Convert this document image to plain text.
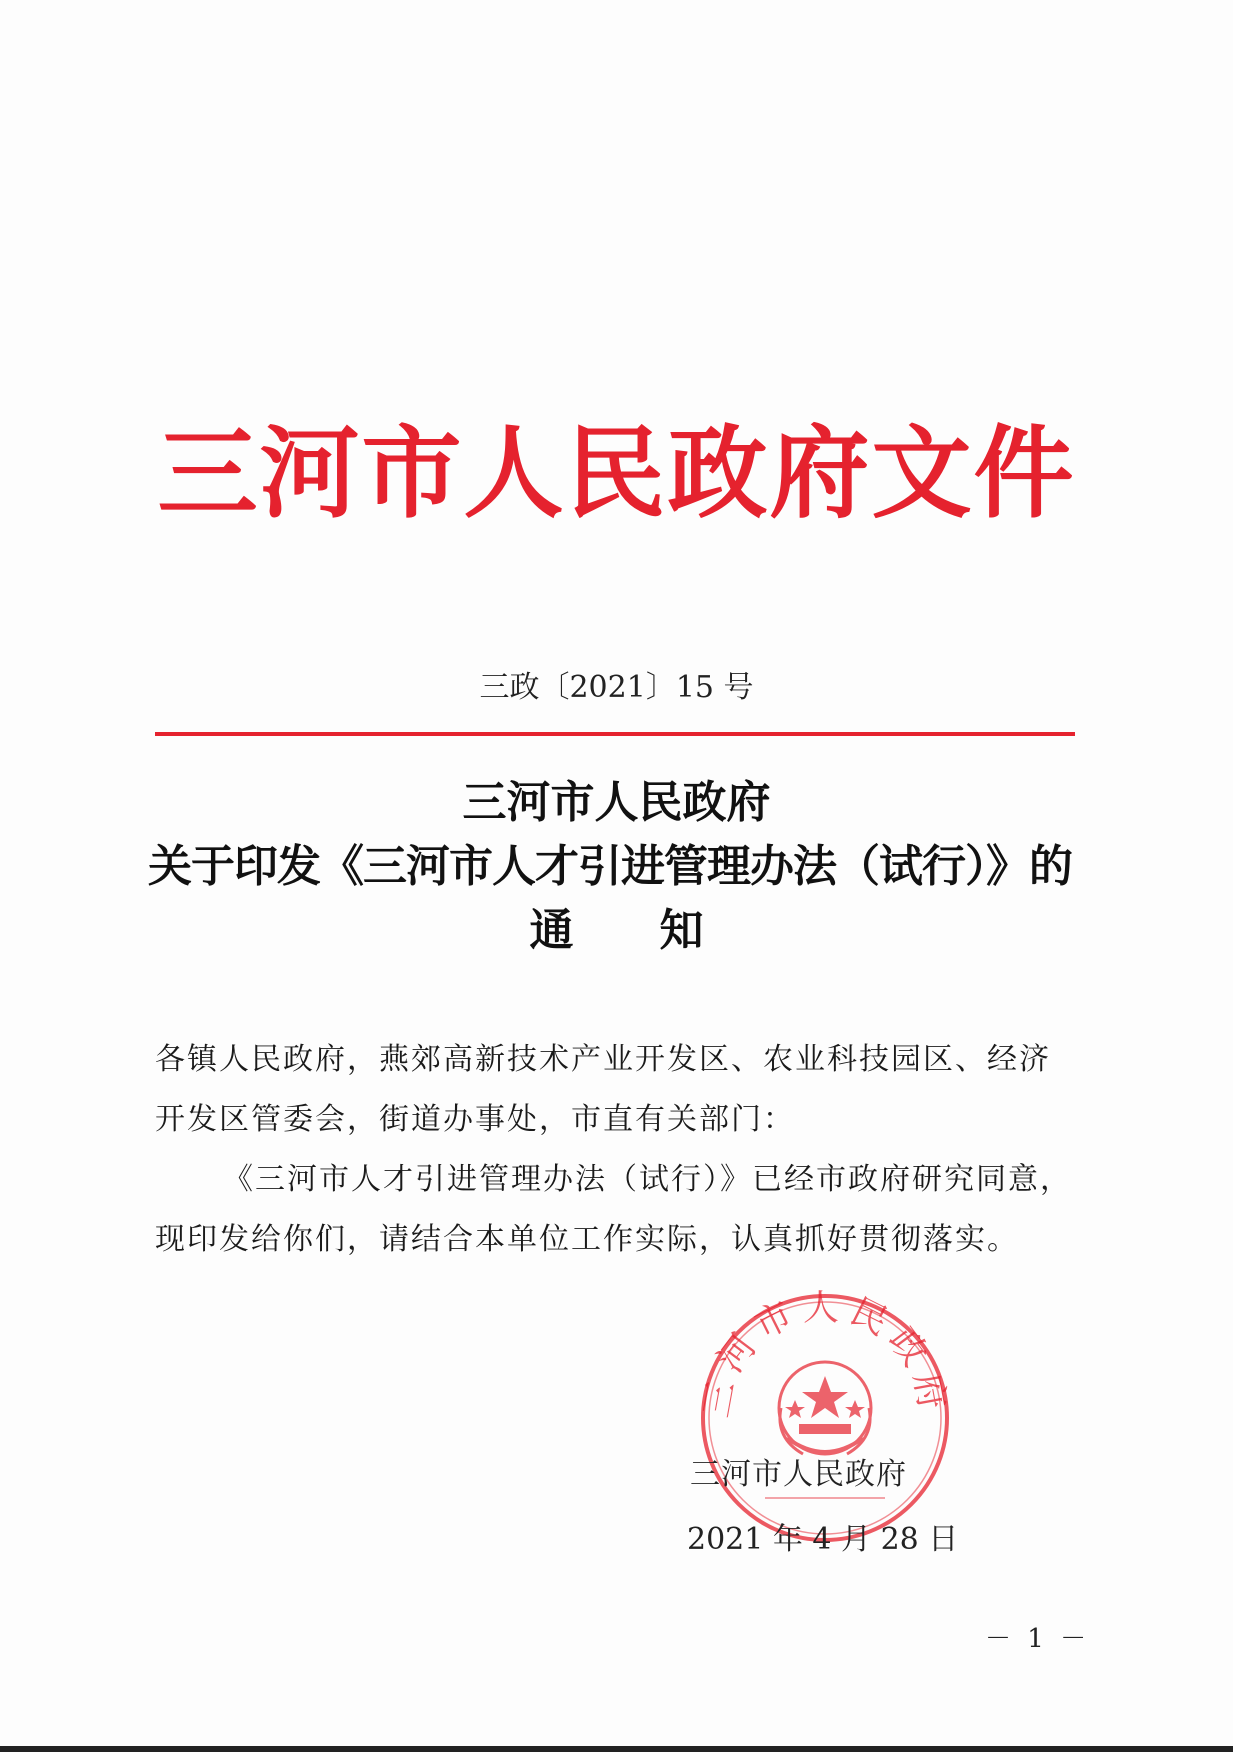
三河市人民政府文件
三政〔2021〕15 号
三河市人民政府
关于印发《三河市人才引进管理办法（试行）》的
通 知
各镇人民政府，燕郊高新技术产业开发区、农业科技园区、经济
开发区管委会，街道办事处，市直有关部门：
《三河市人才引进管理办法（试行）》已经市政府研究同意，
现印发给你们，请结合本单位工作实际，认真抓好贯彻落实。
三河市人民政府
三河市人民政府
2021 年 4 月 28 日
－ 1 －
